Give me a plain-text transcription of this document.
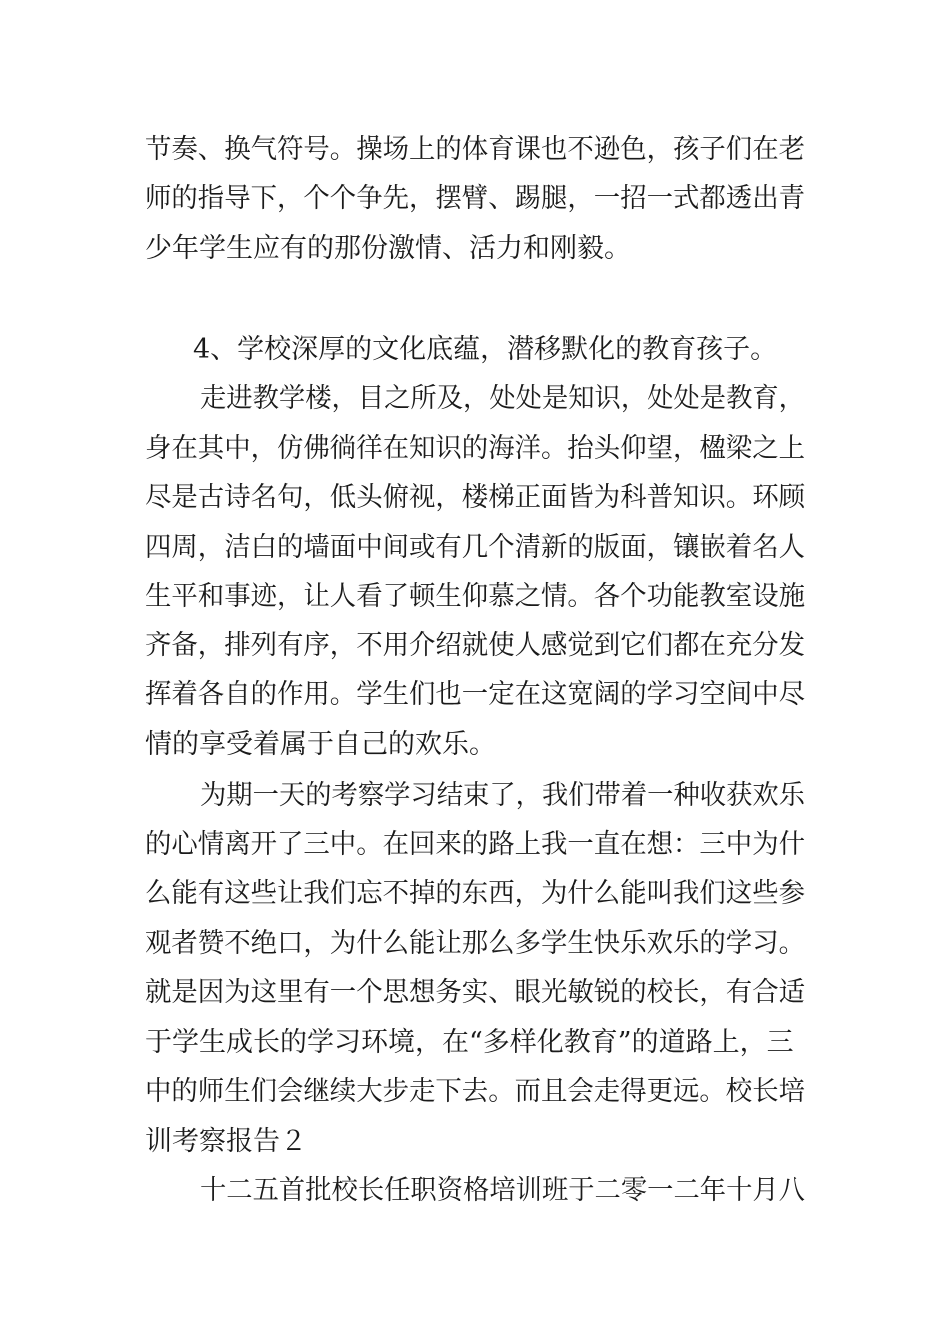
节奏、换气符号。操场上的体育课也不逊色，孩子们在老
师的指导下，个个争先，摆臂、踢腿，一招一式都透出青
少年学生应有的那份激情、活力和刚毅。
4、学校深厚的文化底蕴，潜移默化的教育孩子。
走进教学楼，目之所及，处处是知识，处处是教育，
身在其中，仿佛徜徉在知识的海洋。抬头仰望，楹梁之上
尽是古诗名句，低头俯视，楼梯正面皆为科普知识。环顾
四周，洁白的墙面中间或有几个清新的版面，镶嵌着名人
生平和事迹，让人看了顿生仰慕之情。各个功能教室设施
齐备，排列有序，不用介绍就使人感觉到它们都在充分发
挥着各自的作用。学生们也一定在这宽阔的学习空间中尽
情的享受着属于自己的欢乐。
为期一天的考察学习结束了，我们带着一种收获欢乐
的心情离开了三中。在回来的路上我一直在想：三中为什
么能有这些让我们忘不掉的东西，为什么能叫我们这些参
观者赞不绝口，为什么能让那么多学生快乐欢乐的学习。
就是因为这里有一个思想务实、眼光敏锐的校长，有合适
于学生成长的学习环境，在“多样化教育”的道路上，三
中的师生们会继续大步走下去。而且会走得更远。校长培
训考察报告２
十二五首批校长任职资格培训班于二零一二年十月八
